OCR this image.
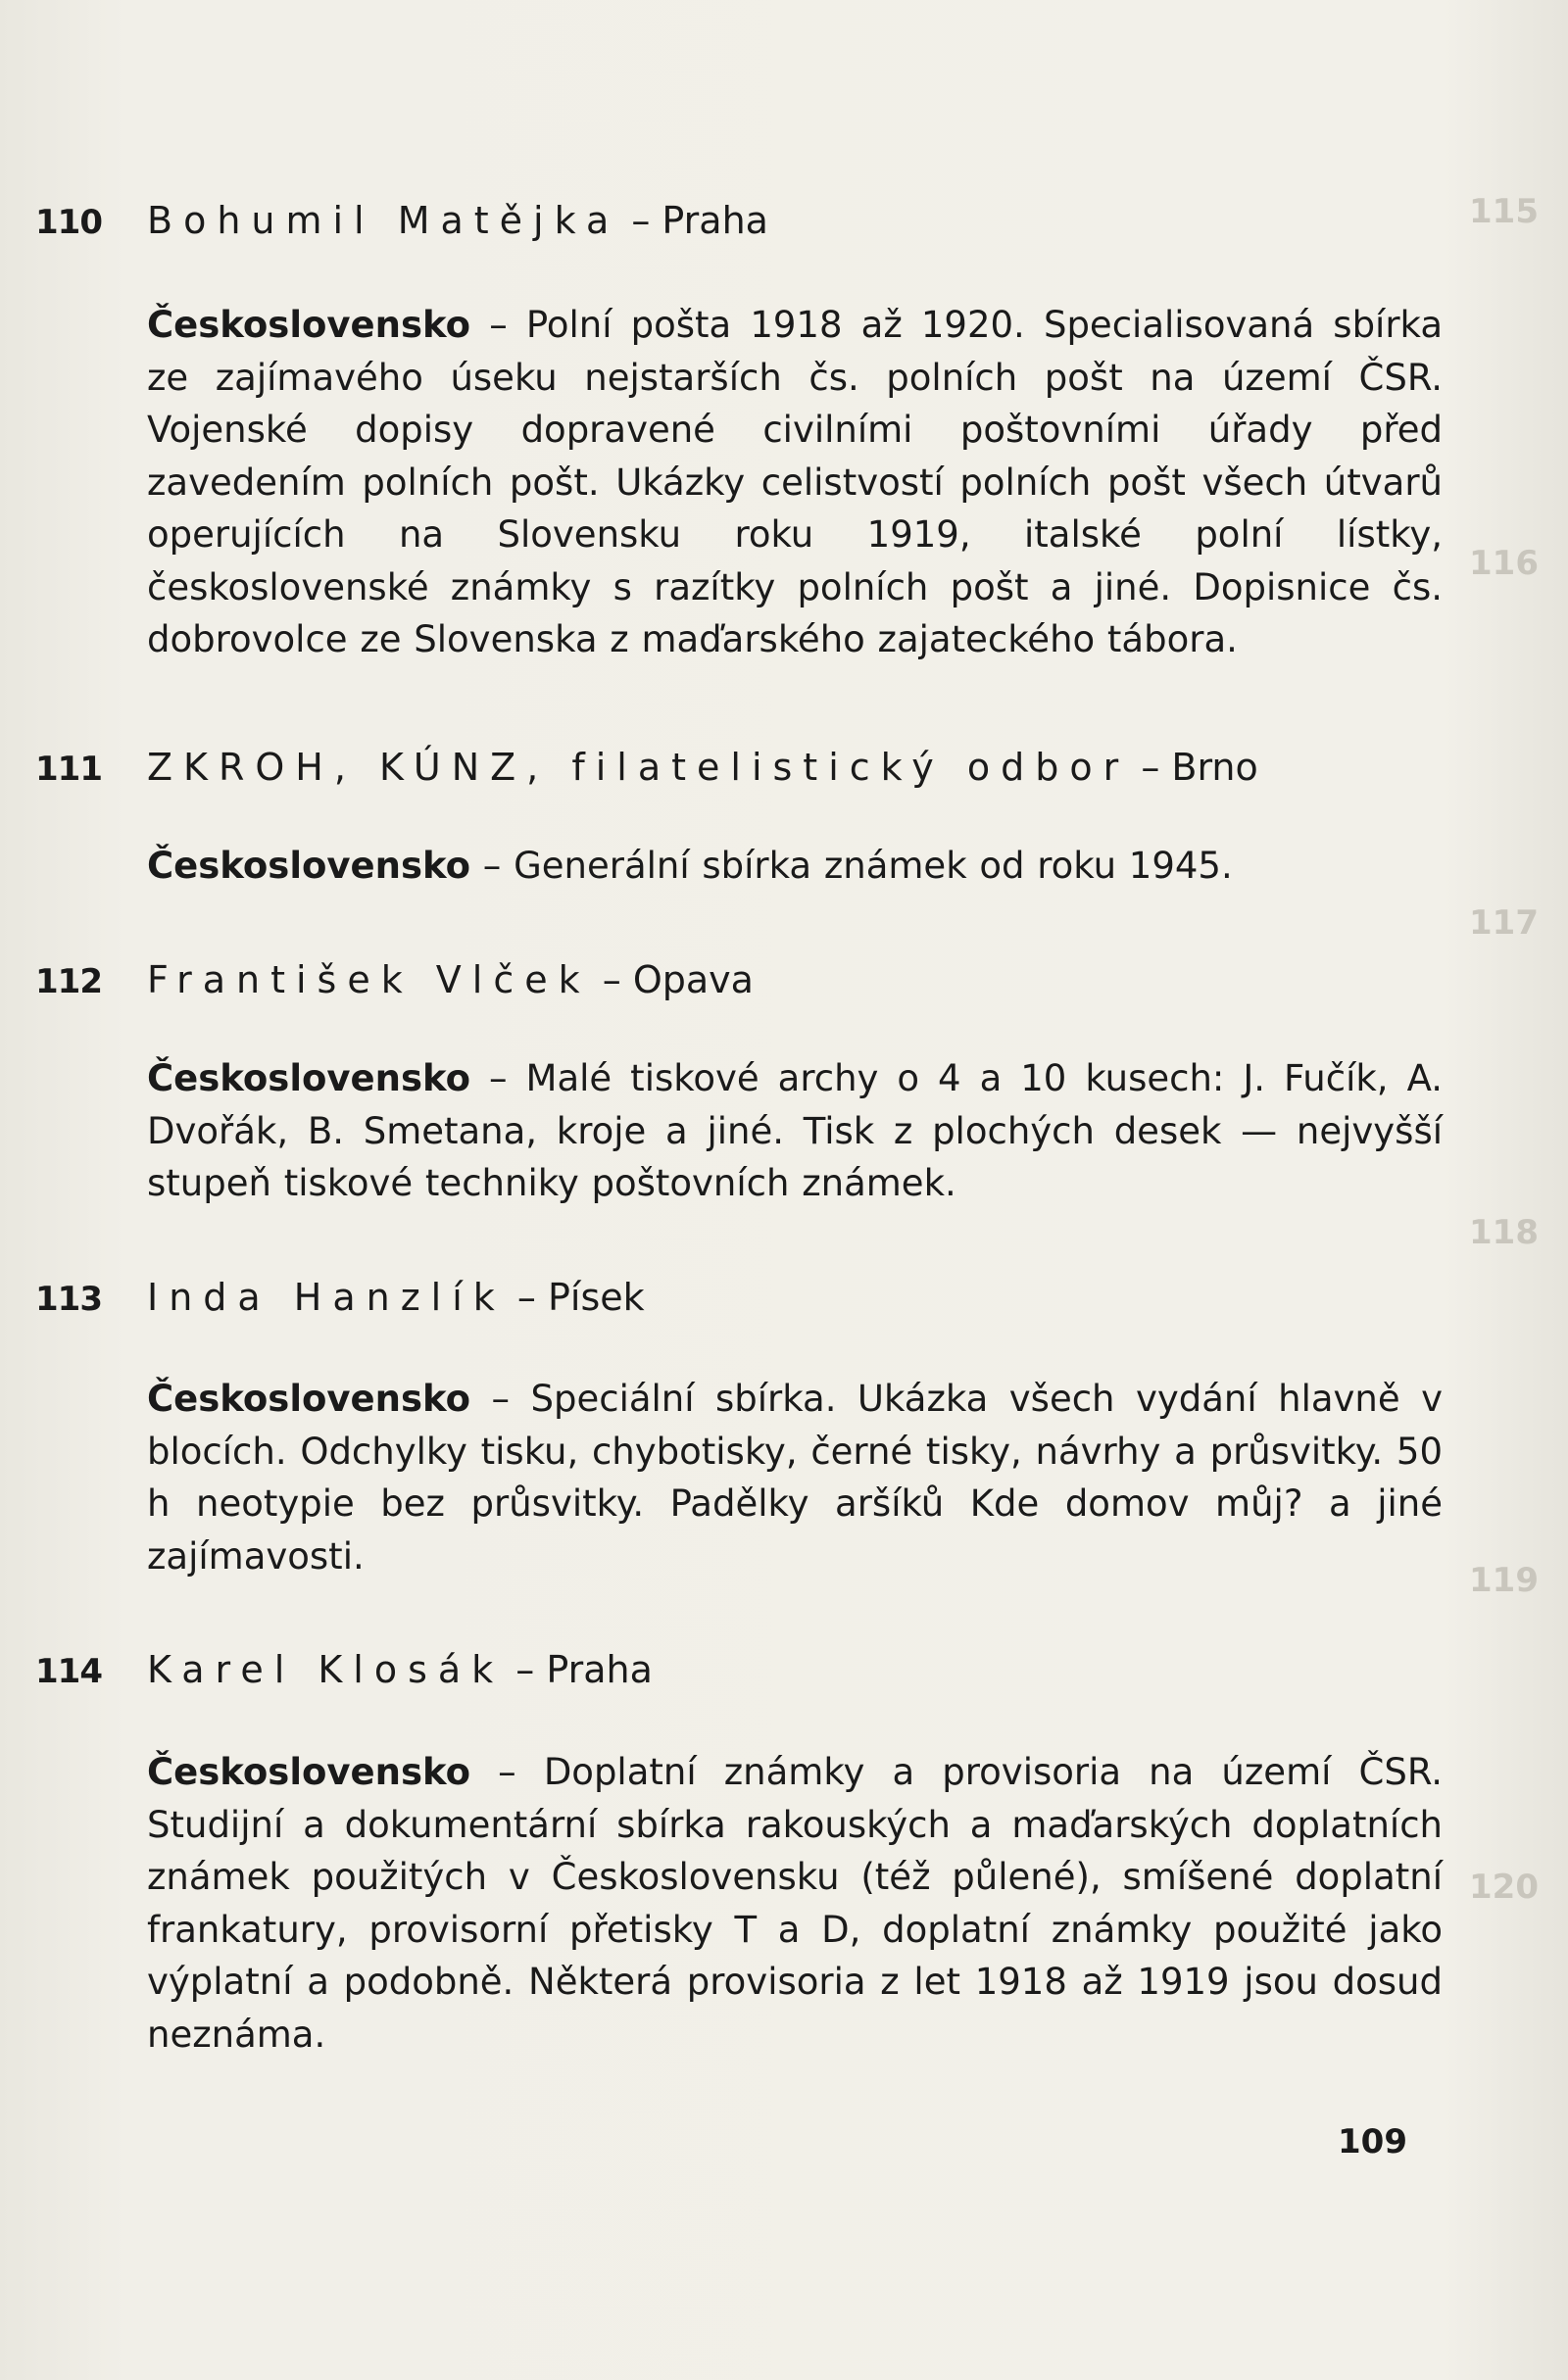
115
116
117
118
119
120
110	Bohumil Matějka – Praha
Československo – Polní pošta 1918 až 1920. Specialisovaná sbírka ze zajímavého úseku nejstarších čs. polních pošt na území ČSR. Vojenské dopisy dopravené civilními poštovními úřady před zavedením polních pošt. Ukázky celistvostí polních pošt všech útvarů operujících na Slovensku roku 1919, italské polní lístky, československé známky s razítky polních pošt a jiné. Dopisnice čs. dobrovolce ze Slovenska z maďarského zajateckého tábora.
111	ZKROH, KÚNZ, filatelistický odbor – Brno
Československo – Generální sbírka známek od roku 1945.
112	František Vlček – Opava
Československo – Malé tiskové archy o 4 a 10 kusech: J. Fučík, A. Dvořák, B. Smetana, kroje a jiné. Tisk z plochých desek — nejvyšší stupeň tiskové techniky poštovních známek.
113	Inda Hanzlík – Písek
Československo – Speciální sbírka. Ukázka všech vydání hlavně v blocích. Odchylky tisku, chybotisky, černé tisky, návrhy a průsvitky. 50 h neotypie bez průsvitky. Padělky aršíků Kde domov můj? a jiné zajímavosti.
114	Karel Klosák – Praha
Československo – Doplatní známky a provisoria na území ČSR. Studijní a dokumentární sbírka rakouských a maďarských doplatních známek použitých v Československu (též půlené), smíšené doplatní frankatury, provisorní přetisky T a D, doplatní známky použité jako výplatní a podobně. Některá provisoria z let 1918 až 1919 jsou dosud neznáma.
109
